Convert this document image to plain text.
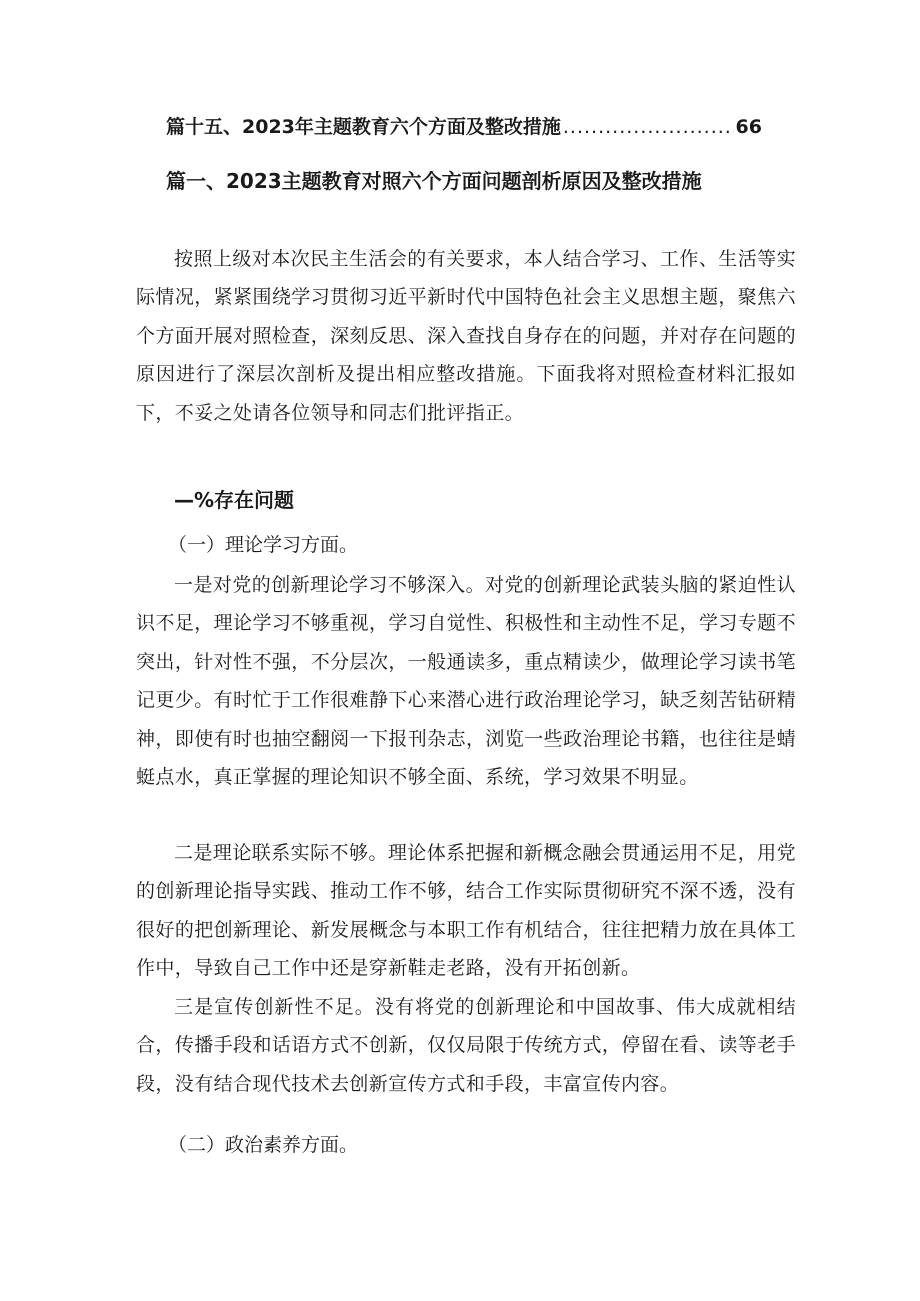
篇十五、2023年主题教育六个方面及整改措施
.....	66
篇一、2023主题教育对照六个方面问题剖析原因及整改措施
按照上级对本次民主生活会的有关要求，本人结合学习、工作、生活等实际情况，紧紧围绕学习贯彻习近平新时代中国特色社会主义思想主题，聚焦六个方面开展对照检查，深刻反思、深入查找自身存在的问题，并对存在问题的原因进行了深层次剖析及提出相应整改措施。下面我将对照检查材料汇报如下，不妥之处请各位领导和同志们批评指正。
—%存在问题
（一）理论学习方面。
一是对党的创新理论学习不够深入。对党的创新理论武装头脑的紧迫性认识不足，理论学习不够重视，学习自觉性、积极性和主动性不足，学习专题不突出，针对性不强，不分层次，一般通读多，重点精读少，做理论学习读书笔记更少。有时忙于工作很难静下心来潜心进行政治理论学习，缺乏刻苦钻研精神，即使有时也抽空翻阅一下报刊杂志，浏览一些政治理论书籍，也往往是蜻蜓点水，真正掌握的理论知识不够全面、系统，学习效果不明显。
二是理论联系实际不够。理论体系把握和新概念融会贯通运用不足，用党的创新理论指导实践、推动工作不够，结合工作实际贯彻研究不深不透，没有很好的把创新理论、新发展概念与本职工作有机结合，往往把精力放在具体工作中，导致自己工作中还是穿新鞋走老路，没有开拓创新。
三是宣传创新性不足。没有将党的创新理论和中国故事、伟大成就相结合，传播手段和话语方式不创新，仅仅局限于传统方式，停留在看、读等老手段，没有结合现代技术去创新宣传方式和手段，丰富宣传内容。
（二）政治素养方面。
